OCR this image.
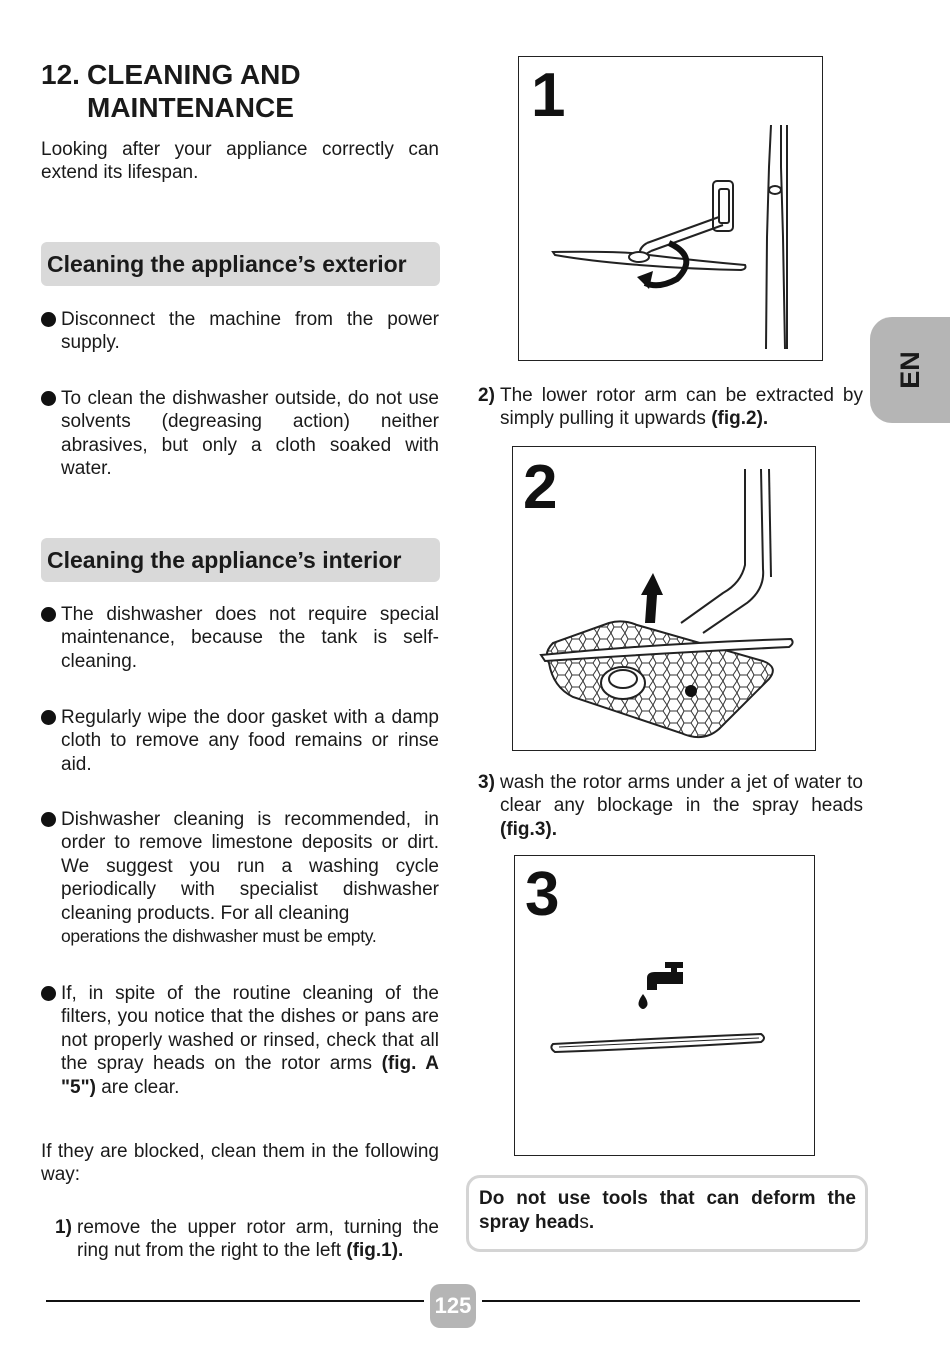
12. CLEANING AND
MAINTENANCE
Looking after your appliance correctly can extend its lifespan.
Cleaning the appliance’s exterior
Disconnect the machine from the power supply.
To clean the dishwasher outside, do not use solvents (degreasing action) neither abrasives, but only a cloth soaked with water.
Cleaning the appliance’s interior
The dishwasher does not require special maintenance, because the tank is self-cleaning.
Regularly wipe the door gasket with a damp cloth to remove any food remains or rinse aid.
Dishwasher cleaning is recommended, in order to remove limestone deposits or dirt. We suggest you run a washing cycle periodically with specialist dishwasher cleaning products. For all cleaning
operations the dishwasher must be empty.
If, in spite of the routine cleaning of the filters, you notice that the dishes or pans are not properly washed or rinsed, check that all the spray heads on the rotor arms (fig. A "5") are clear.
If they are blocked, clean them in the following way:
1) remove the upper rotor arm, turning the ring nut from the right to the left (fig.1).
1
2) The lower rotor arm can be extracted by simply pulling it upwards (fig.2).
2
3) wash the rotor arms under a jet of water to clear any blockage in the spray heads (fig.3).
3
Do not use tools that can deform the spray heads.
EN
125
